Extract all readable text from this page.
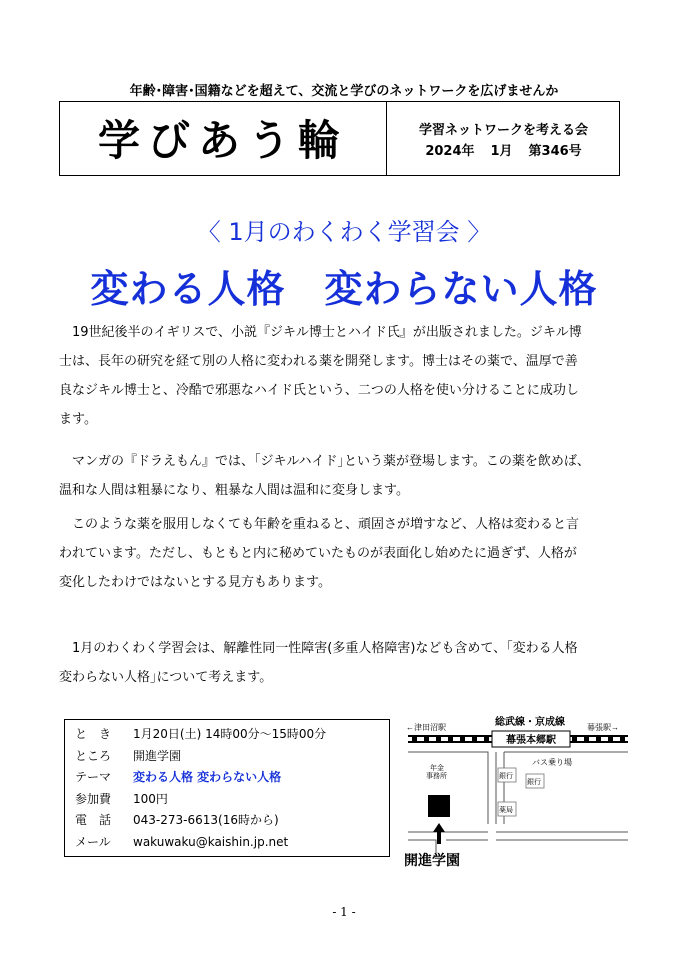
年齢･障害･国籍などを超えて、交流と学びのネットワークを広げませんか
学びあう輪	学習ネットワークを考える会
2024年 1月 第346号
〈 1月のわくわく学習会 〉
変わる人格　変わらない人格
　19世紀後半のイギリスで、小説『ジキル博士とハイド氏』が出版されました。ジキル博
士は、長年の研究を経て別の人格に変われる薬を開発します。博士はその薬で、温厚で善
良なジキル博士と、冷酷で邪悪なハイド氏という、二つの人格を使い分けることに成功し
ます。
　マンガの『ドラえもん』では、｢ジキルハイド｣という薬が登場します。この薬を飲めば、
温和な人間は粗暴になり、粗暴な人間は温和に変身します。
　このような薬を服用しなくても年齢を重ねると、頑固さが増すなど、人格は変わると言
われています。ただし、もともと内に秘めていたものが表面化し始めたに過ぎず、人格が
変化したわけではないとする見方もあります。
　1月のわくわく学習会は、解離性同一性障害(多重人格障害)なども含めて、｢変わる人格
変わらない人格｣について考えます。
と　き	1月20日(土) 14時00分～15時00分
ところ	開進学園
テーマ	変わる人格 変わらない人格
参加費	100円
電　話	043-273-6613(16時から)
メール	wakuwaku@kaishin.jp.net
←津田沼駅	総武線・京成線	幕張駅→
幕張本郷駅
バス乗り場
年金
事務所	銀行
銀行
薬局
開進学園
- 1 -
